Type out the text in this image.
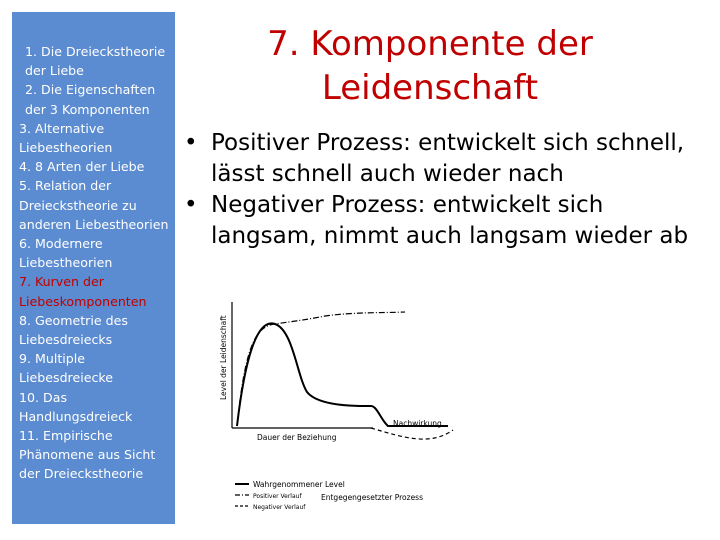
1. Die Dreieckstheorie der Liebe
2. Die Eigenschaften der 3 Komponenten
3. Alternative Liebestheorien
4. 8 Arten der Liebe
5. Relation der Dreieckstheorie zu anderen Liebestheorien
6. Modernere Liebestheorien
7. Kurven der Liebeskomponenten
8. Geometrie des Liebesdreiecks
9. Multiple Liebesdreiecke
10. Das Handlungsdreieck
11. Empirische Phänomene aus Sicht der Dreieckstheorie
7. Komponente der
Leidenschaft
• Positiver Prozess: entwickelt sich schnell, lässt schnell auch wieder nach
• Negativer Prozess: entwickelt sich langsam, nimmt auch langsam wieder ab
Level der Leidenschaft
Dauer der Beziehung
Nachwirkung
Wahrgenommener Level
Positiver Verlauf
Negativer Verlauf
Entgegengesetzter Prozess
